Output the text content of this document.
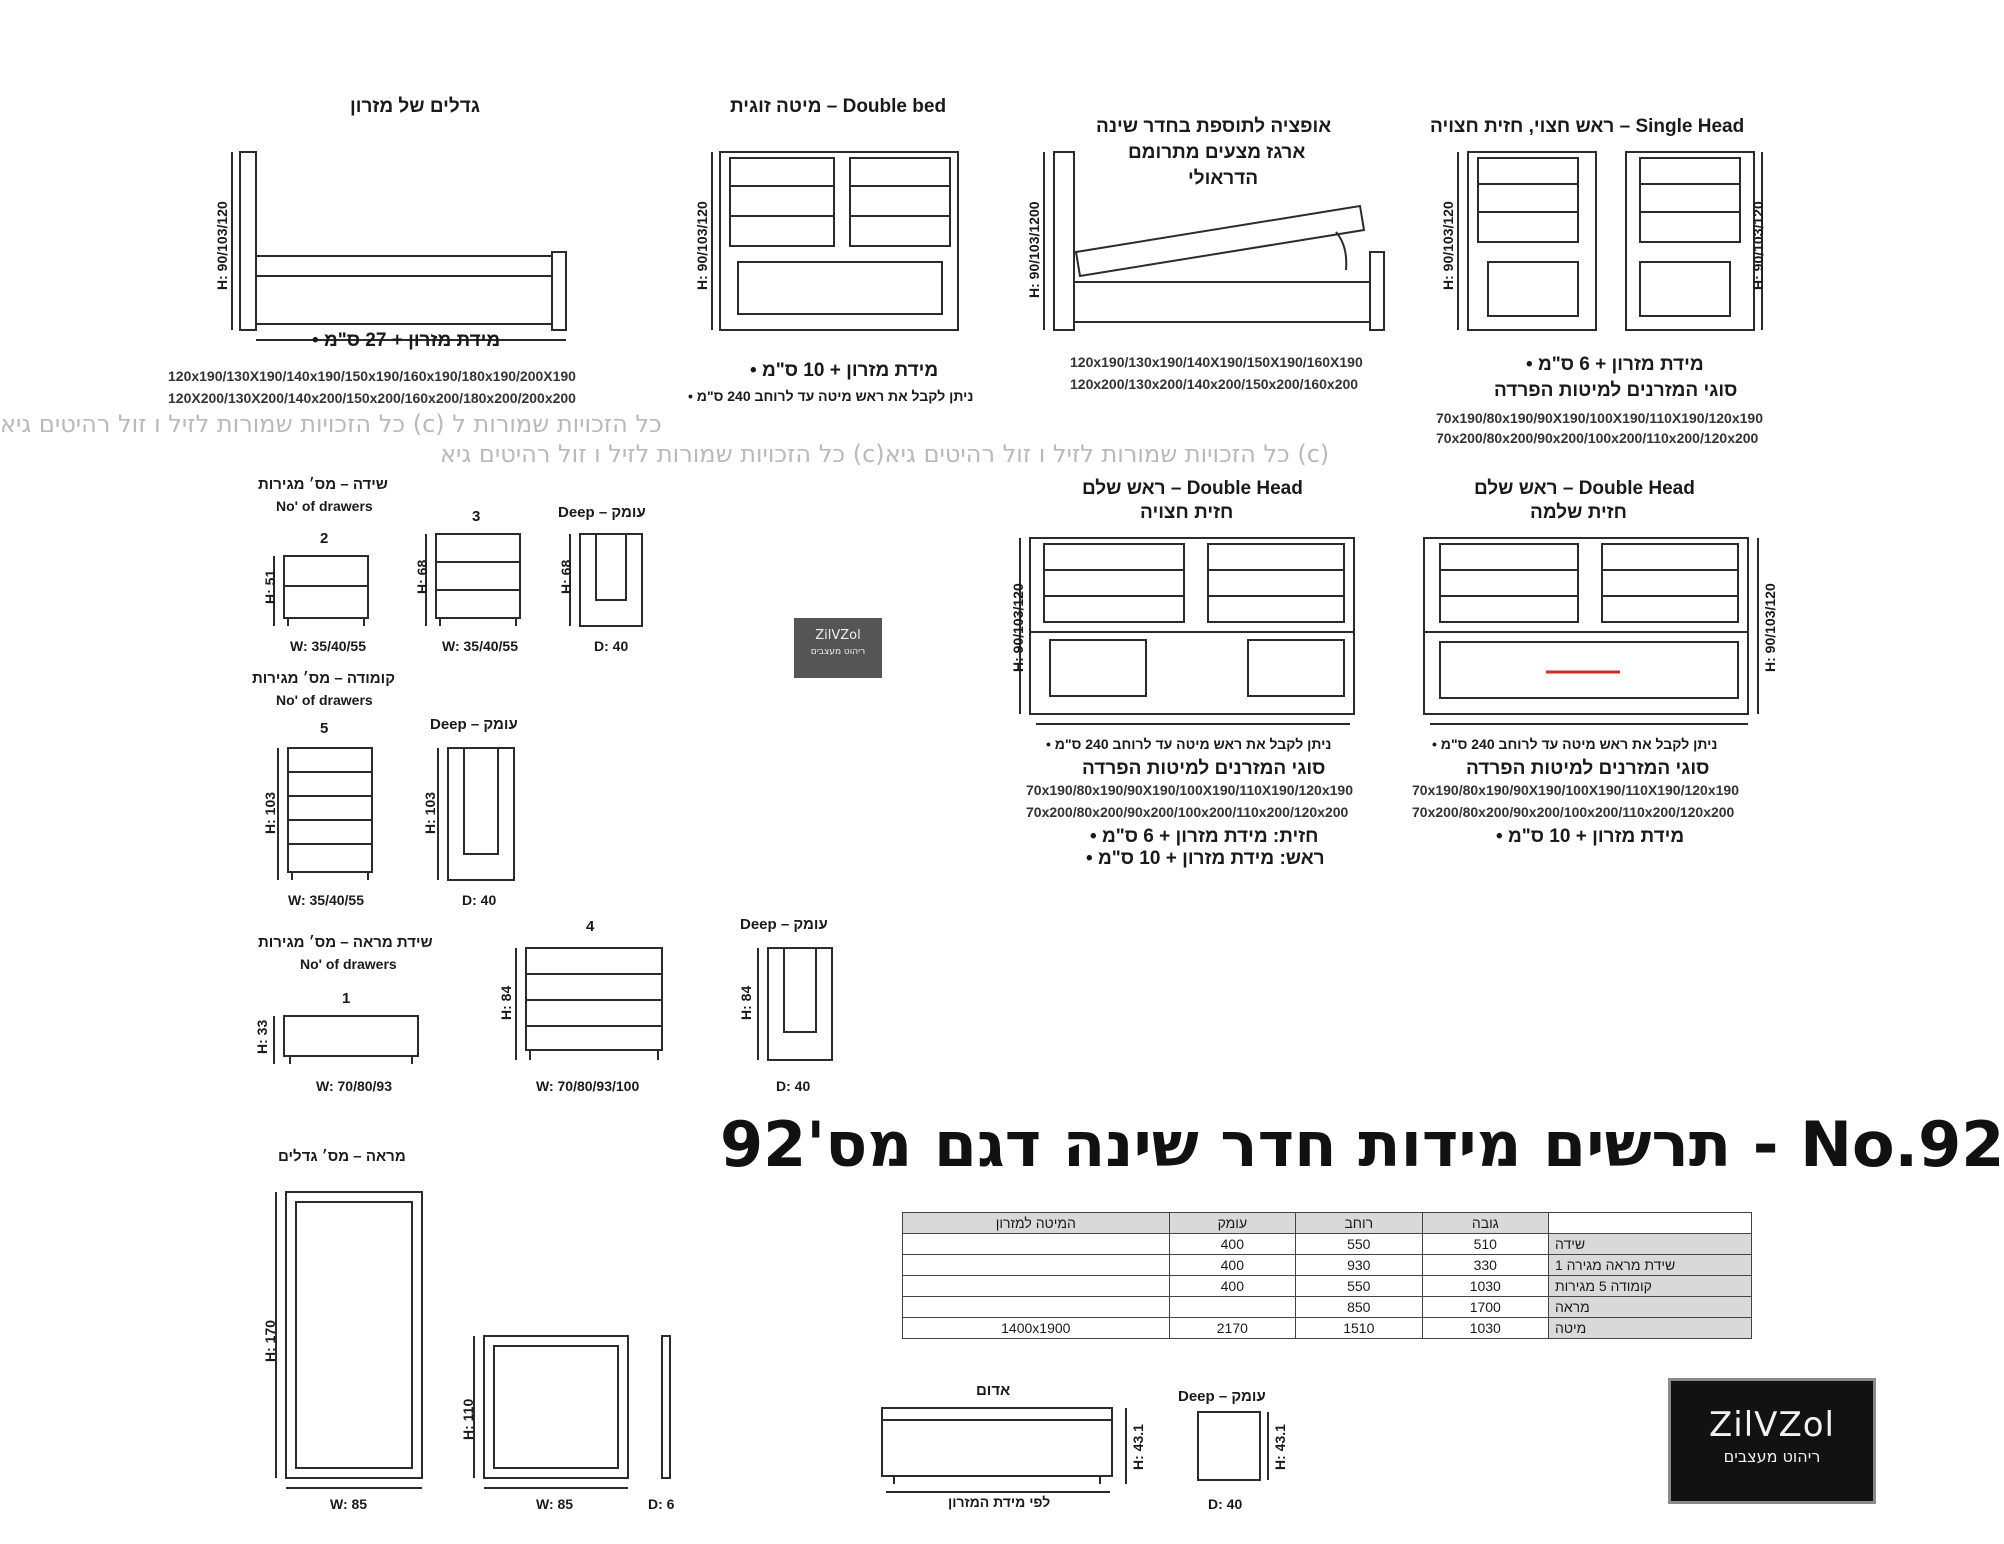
כל הזכויות שמורות לזיל ו זול רהיטים גיא (c) כל הזכויות שמורות ל
כל הזכויות שמורות לזיל ו זול רהיטים גיא (c)כל הזכויות שמורות לזיל ו זול רהיטים גיא (c)
גדלים של מזרון	מיטה זוגית – Double bed
אופציה לתוספת בחדר שינה
ארגז מצעים מתרומם
הדראולי
ראש חצוי, חזית חצויה – Single Head
H: 90/103/120	H: 90/103/120	H: 90/103/1200	H: 90/103/120	H: 90/103/120
• מידת מזרון + 27 ס"מ
120x190/130X190/140x190/150x190/160x190/180x190/200X190
120X200/130X200/140x200/150x200/160x200/180x200/200x200
• מידת מזרון + 10 ס"מ
• ניתן לקבל את ראש מיטה עד לרוחב 240 ס"מ
120x190/130x190/140X190/150X190/160X190
120x200/130x200/140x200/150x200/160x200
• מידת מזרון + 6 ס"מ
סוגי המזרנים למיטות הפרדה
70x190/80x190/90X190/100X190/110X190/120x190
70x200/80x200/90x200/100x200/110x200/120x200
ראש שלם – Double Head
חזית חצויה
ראש שלם – Double Head
חזית שלמה
H: 90/103/120	H: 90/103/120
• ניתן לקבל את ראש מיטה עד לרוחב 240 ס"מ
סוגי המזרנים למיטות הפרדה
70x190/80x190/90X190/100X190/110X190/120x190
70x200/80x200/90x200/100x200/110x200/120x200
• חזית: מידת מזרון + 6 ס"מ
• ראש: מידת מזרון + 10 ס"מ
• ניתן לקבל את ראש מיטה עד לרוחב 240 ס"מ
סוגי המזרנים למיטות הפרדה
70x190/80x190/90X190/100X190/110X190/120x190
70x200/80x200/90x200/100x200/110x200/120x200
• מידת מזרון + 10 ס"מ
שידה – מס׳ מגירות
No' of drawers	Deep – עומק
2
3
H: 51	H: 68	H: 68
W: 35/40/55	W: 35/40/55	D: 40
קומודה – מס׳ מגירות
No' of drawers
Deep – עומק
5
H: 103	H: 103
W: 35/40/55	D: 40
שידת מראה – מס׳ מגירות
No' of drawers
Deep – עומק
1
4
H: 33
H: 84	H: 84
W: 70/80/93	W: 70/80/93/100	D: 40
מראה – מס׳ גדלים
H: 170
H: 110
W: 85	W: 85	D: 6
אדום
H: 43.1
לפי מידת המזרון
Deep – עומק
H: 43.1
D: 40
ZilVZol
ריהוט מעצבים
תרשים מידות חדר שינה דגם מס'92 - No.92
	גובה	רוחב	עומק	המיטה למזרון
שידה	510	550	400	
שידת מראה מגירה 1	330	930	400	
קומודה 5 מגירות	1030	550	400	
מראה	1700	850		
מיטה	1030	1510	2170	1400x1900
ZilVZol
ריהוט מעצבים
